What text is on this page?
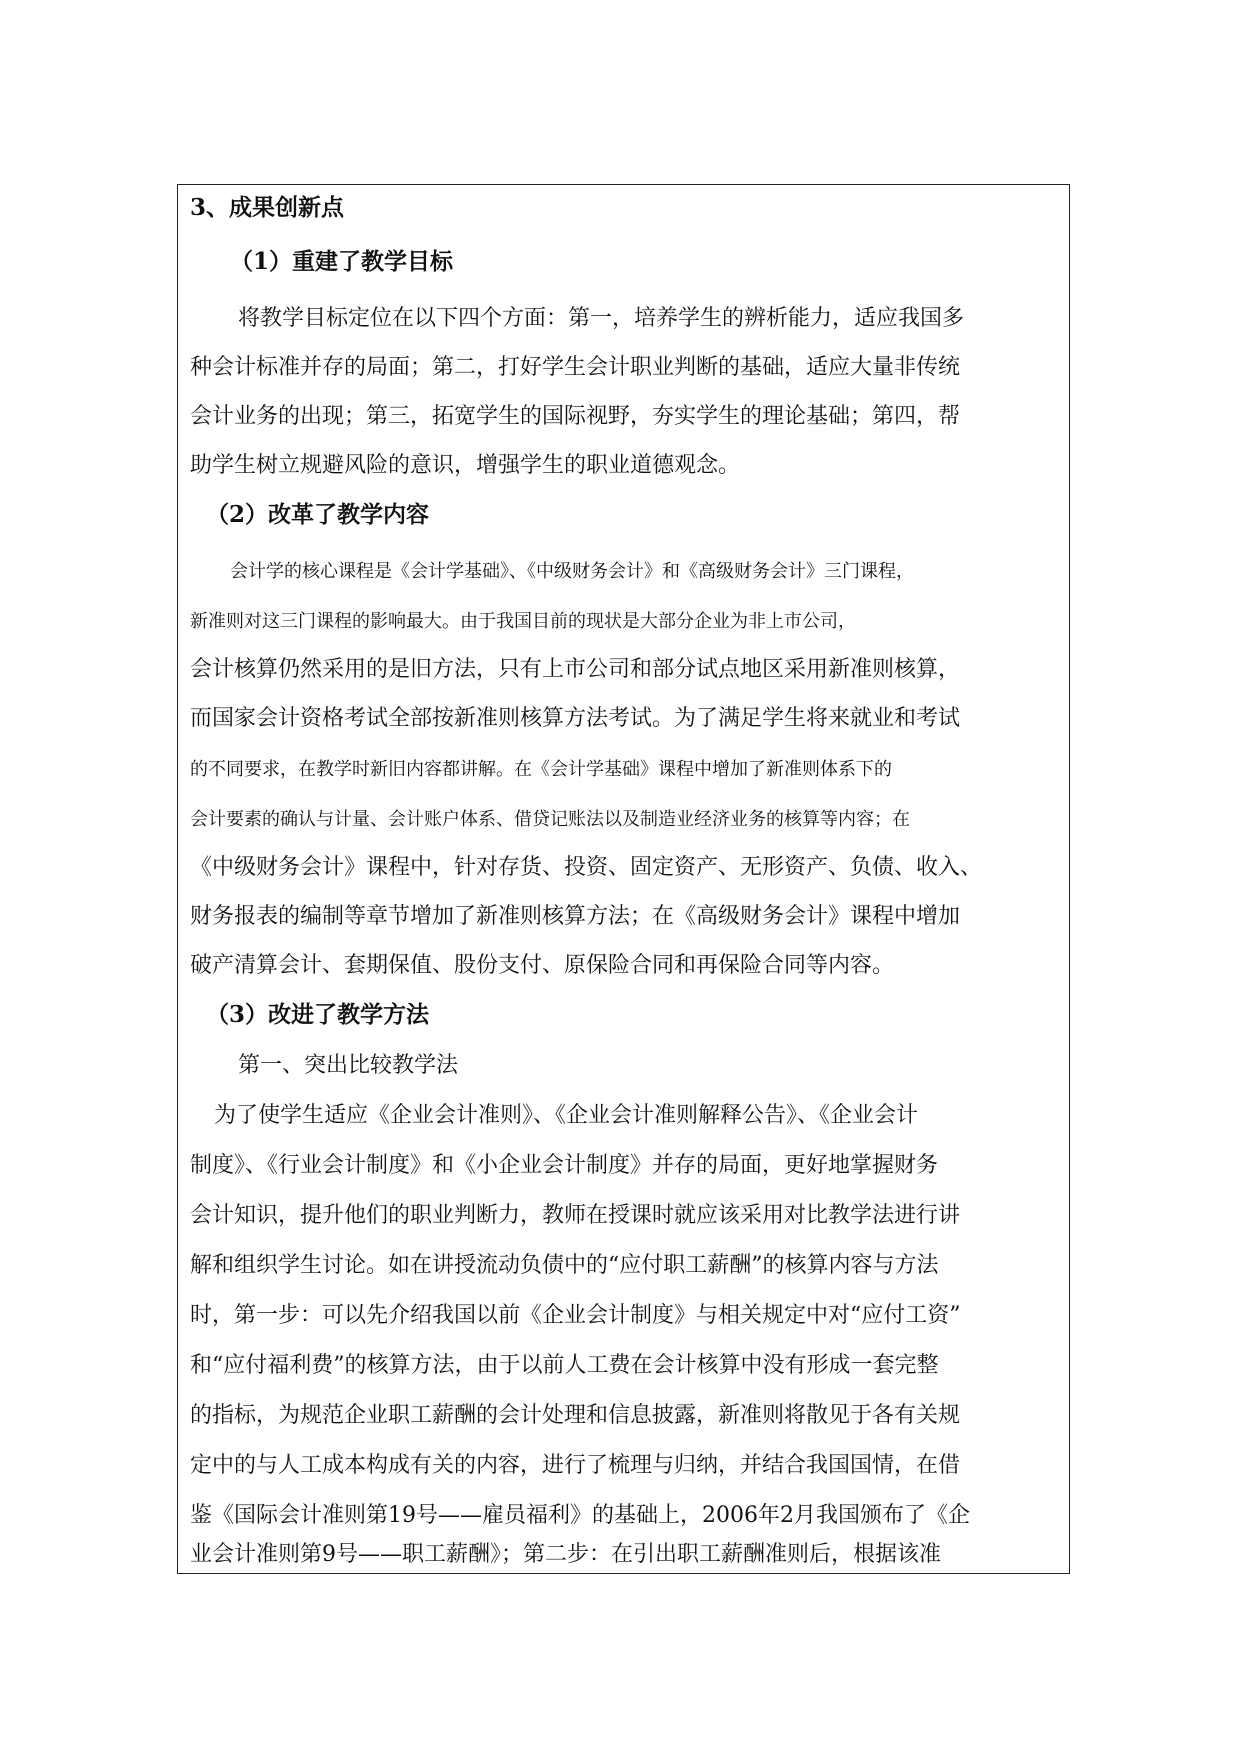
3、成果创新点
（1）重建了教学目标
将教学目标定位在以下四个方面：第一，培养学生的辨析能力，适应我国多
种会计标准并存的局面；第二，打好学生会计职业判断的基础，适应大量非传统
会计业务的出现；第三，拓宽学生的国际视野，夯实学生的理论基础；第四，帮
助学生树立规避风险的意识，增强学生的职业道德观念。
（2）改革了教学内容
会计学的核心课程是《会计学基础》、《中级财务会计》和《高级财务会计》三门课程，
新准则对这三门课程的影响最大。由于我国目前的现状是大部分企业为非上市公司，
会计核算仍然采用的是旧方法，只有上市公司和部分试点地区采用新准则核算，
而国家会计资格考试全部按新准则核算方法考试。为了满足学生将来就业和考试
的不同要求，在教学时新旧内容都讲解。在《会计学基础》课程中增加了新准则体系下的
会计要素的确认与计量、会计账户体系、借贷记账法以及制造业经济业务的核算等内容；在
《中级财务会计》课程中，针对存货、投资、固定资产、无形资产、负债、收入、
财务报表的编制等章节增加了新准则核算方法；在《高级财务会计》课程中增加
破产清算会计、套期保值、股份支付、原保险合同和再保险合同等内容。
（3）改进了教学方法
第一、突出比较教学法
为了使学生适应《企业会计准则》、《企业会计准则解释公告》、《企业会计
制度》、《行业会计制度》和《小企业会计制度》并存的局面，更好地掌握财务
会计知识，提升他们的职业判断力，教师在授课时就应该采用对比教学法进行讲
解和组织学生讨论。如在讲授流动负债中的“应付职工薪酬”的核算内容与方法
时，第一步：可以先介绍我国以前《企业会计制度》与相关规定中对“应付工资”
和“应付福利费”的核算方法，由于以前人工费在会计核算中没有形成一套完整
的指标，为规范企业职工薪酬的会计处理和信息披露，新准则将散见于各有关规
定中的与人工成本构成有关的内容，进行了梳理与归纳，并结合我国国情，在借
鉴《国际会计准则第19号——雇员福利》的基础上，2006年2月我国颁布了《企
业会计准则第9号——职工薪酬》；第二步：在引出职工薪酬准则后，根据该准
